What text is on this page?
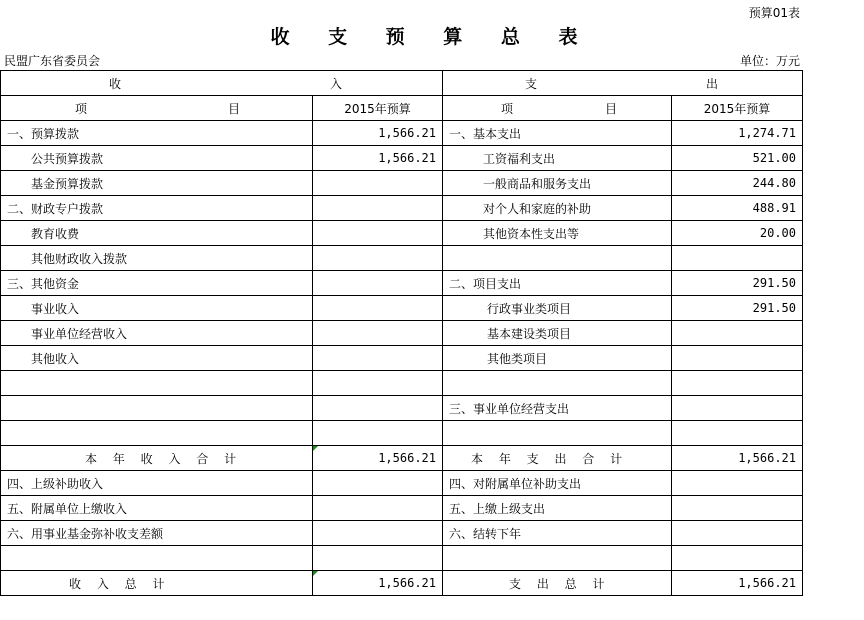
预算01表
收 支 预 算 总 表
民盟广东省委员会	单位：万元
收 入		支 出	

项 目	2015年预算	项 目	2015年预算
一、预算拨款	1,566.21	一、基本支出	1,274.71
公共预算拨款	1,566.21	工资福利支出	521.00
基金预算拨款		一般商品和服务支出	244.80
二、财政专户拨款		对个人和家庭的补助	488.91
教育收费		其他资本性支出等	20.00
其他财政收入拨款			
三、其他资金		二、项目支出	291.50
事业收入		行政事业类项目	291.50
事业单位经营收入		基本建设类项目	
其他收入		其他类项目	

		三、事业单位经营支出	

本 年 收 入 合 计	1,566.21	本 年 支 出 合 计	1,566.21
四、上级补助收入		四、对附属单位补助支出	
五、附属单位上缴收入		五、上缴上级支出	
六、用事业基金弥补收支差额		六、结转下年	

收 入 总 计	1,566.21	支 出 总 计	1,566.21
